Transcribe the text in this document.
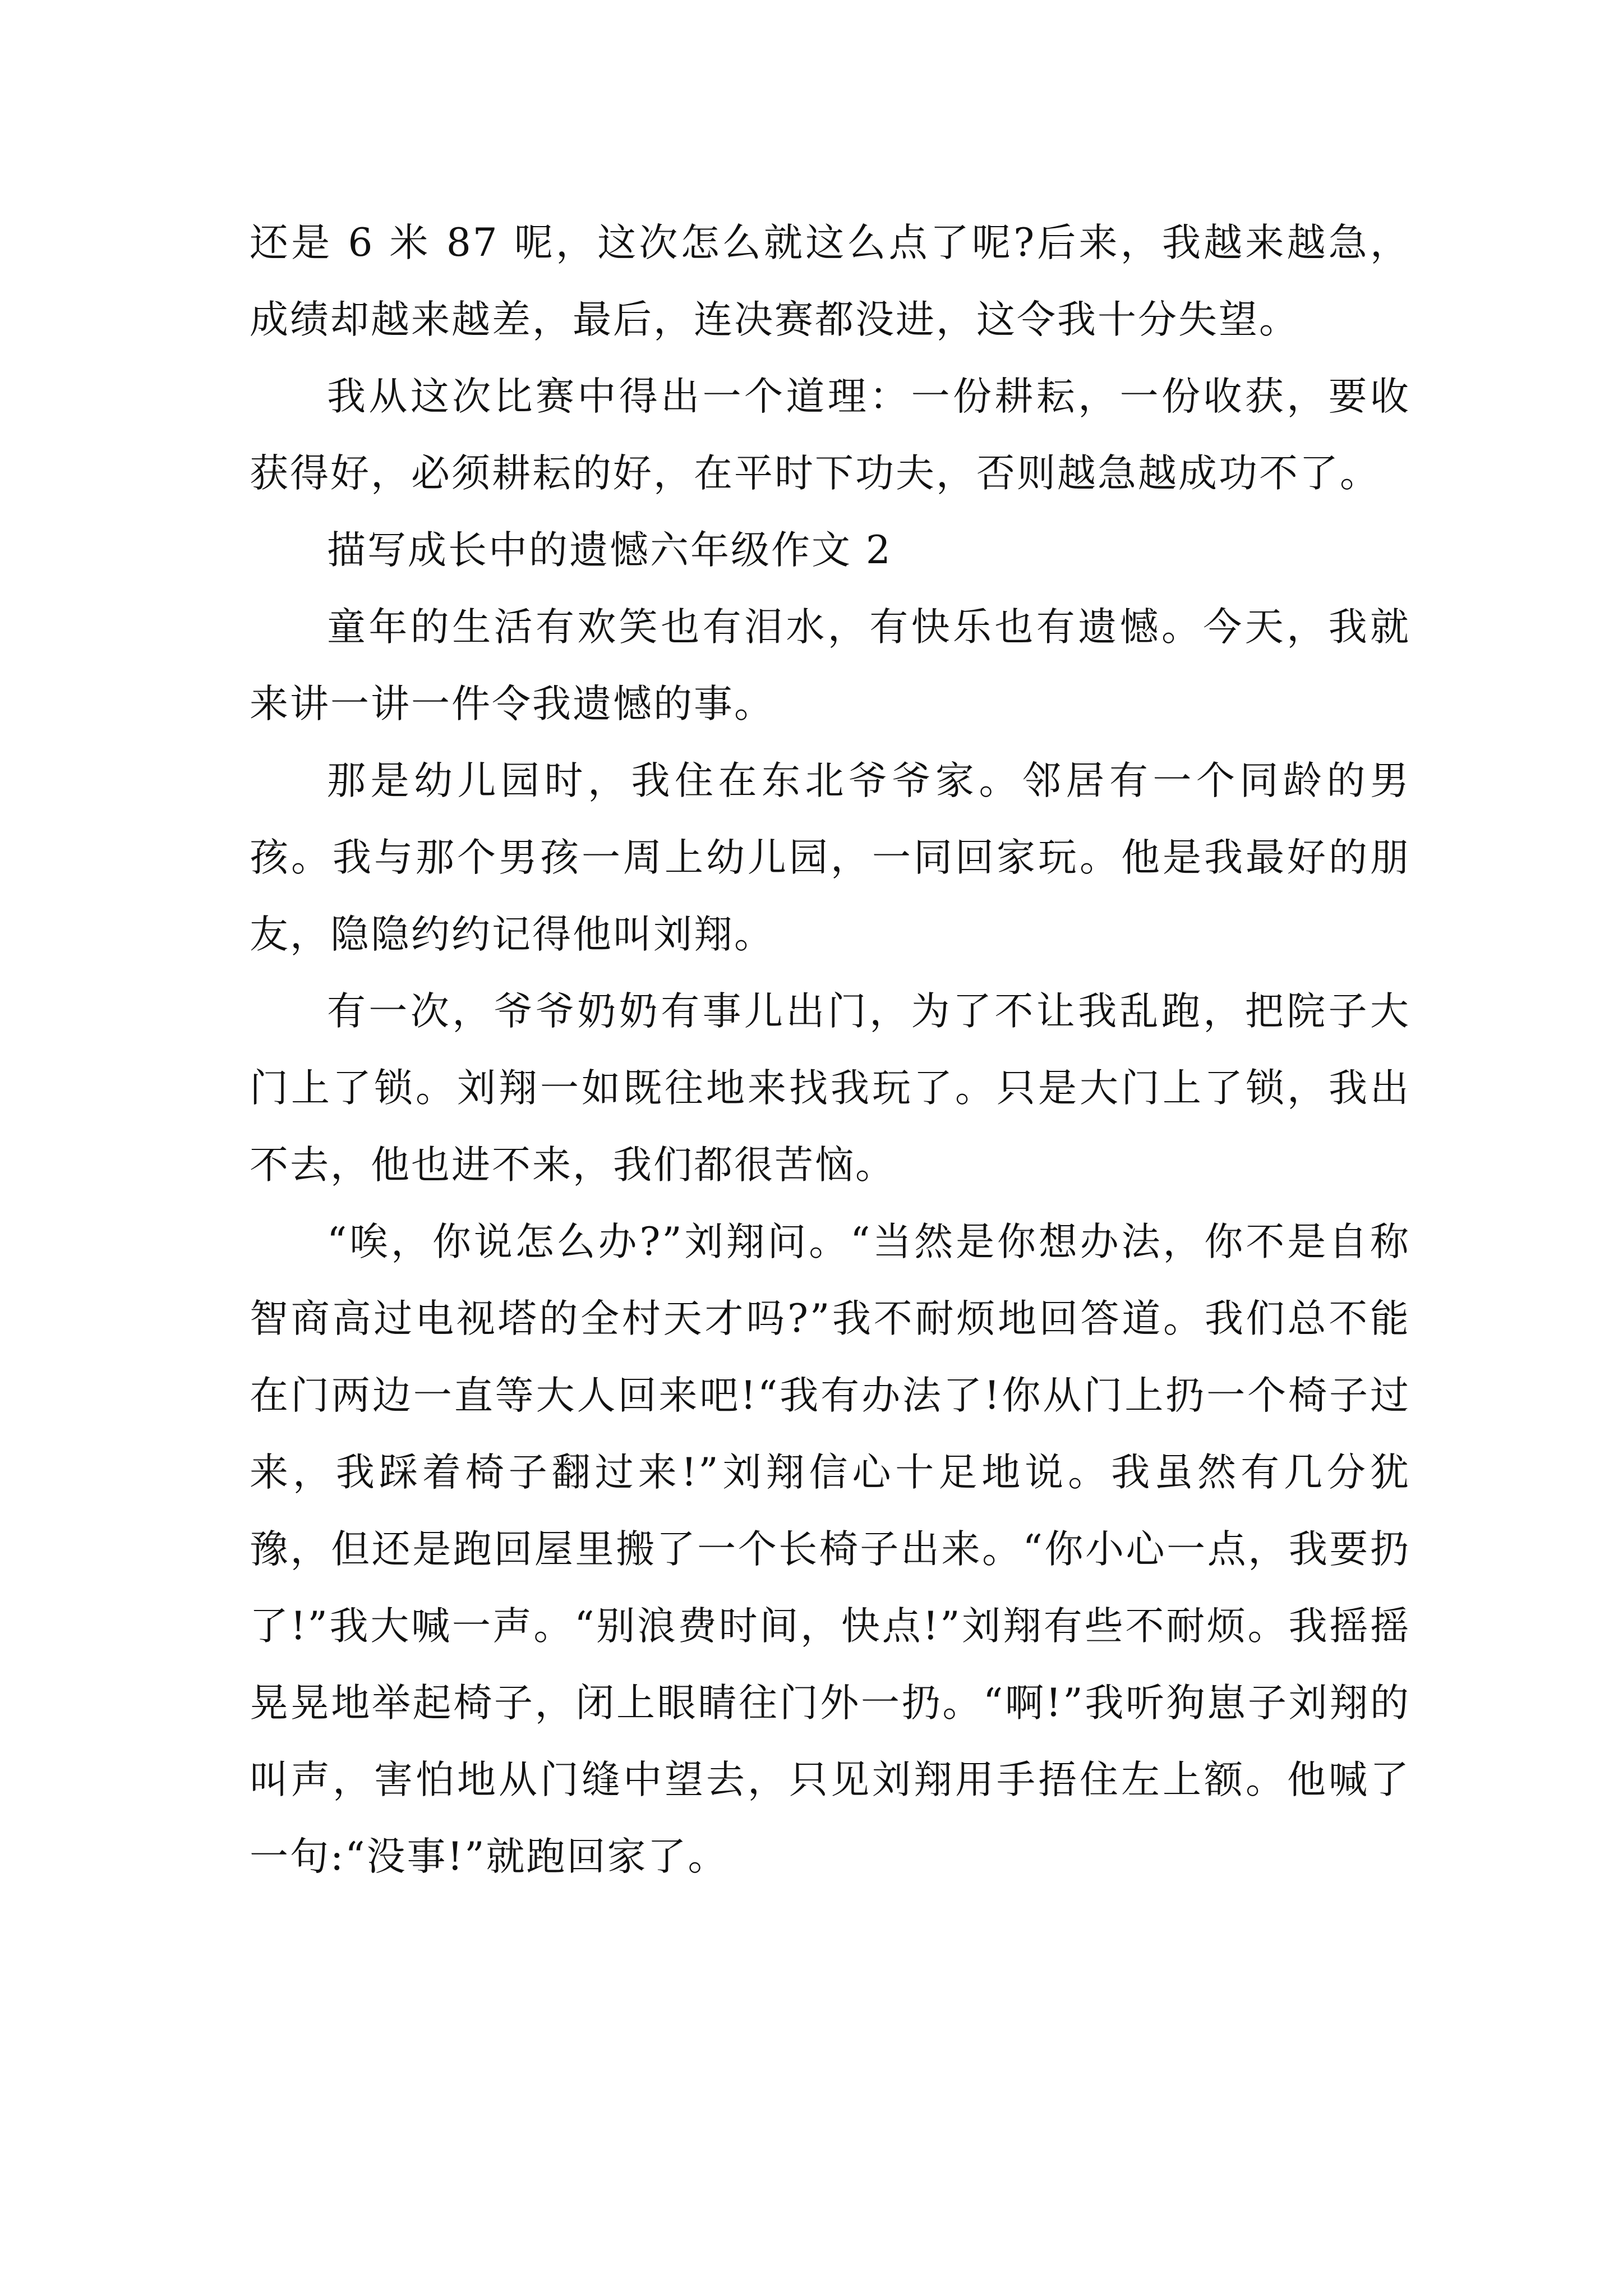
还是 6 米 87 呢，这次怎么就这么点了呢?后来，我越来越急，成绩却越来越差，最后，连决赛都没进，这令我十分失望。

我从这次比赛中得出一个道理：一份耕耘，一份收获，要收获得好，必须耕耘的好，在平时下功夫，否则越急越成功不了。

描写成长中的遗憾六年级作文 2

童年的生活有欢笑也有泪水，有快乐也有遗憾。今天，我就来讲一讲一件令我遗憾的事。

那是幼儿园时，我住在东北爷爷家。邻居有一个同龄的男孩。我与那个男孩一周上幼儿园，一同回家玩。他是我最好的朋友，隐隐约约记得他叫刘翔。

有一次，爷爷奶奶有事儿出门，为了不让我乱跑，把院子大门上了锁。刘翔一如既往地来找我玩了。只是大门上了锁，我出不去，他也进不来，我们都很苦恼。

“唉，你说怎么办?”刘翔问。“当然是你想办法，你不是自称智商高过电视塔的全村天才吗?”我不耐烦地回答道。我们总不能在门两边一直等大人回来吧!“我有办法了!你从门上扔一个椅子过来，我踩着椅子翻过来!”刘翔信心十足地说。我虽然有几分犹豫，但还是跑回屋里搬了一个长椅子出来。“你小心一点，我要扔了!”我大喊一声。“别浪费时间，快点!”刘翔有些不耐烦。我摇摇晃晃地举起椅子，闭上眼睛往门外一扔。“啊!”我听狗崽子刘翔的叫声，害怕地从门缝中望去，只见刘翔用手捂住左上额。他喊了一句:“没事!”就跑回家了。
